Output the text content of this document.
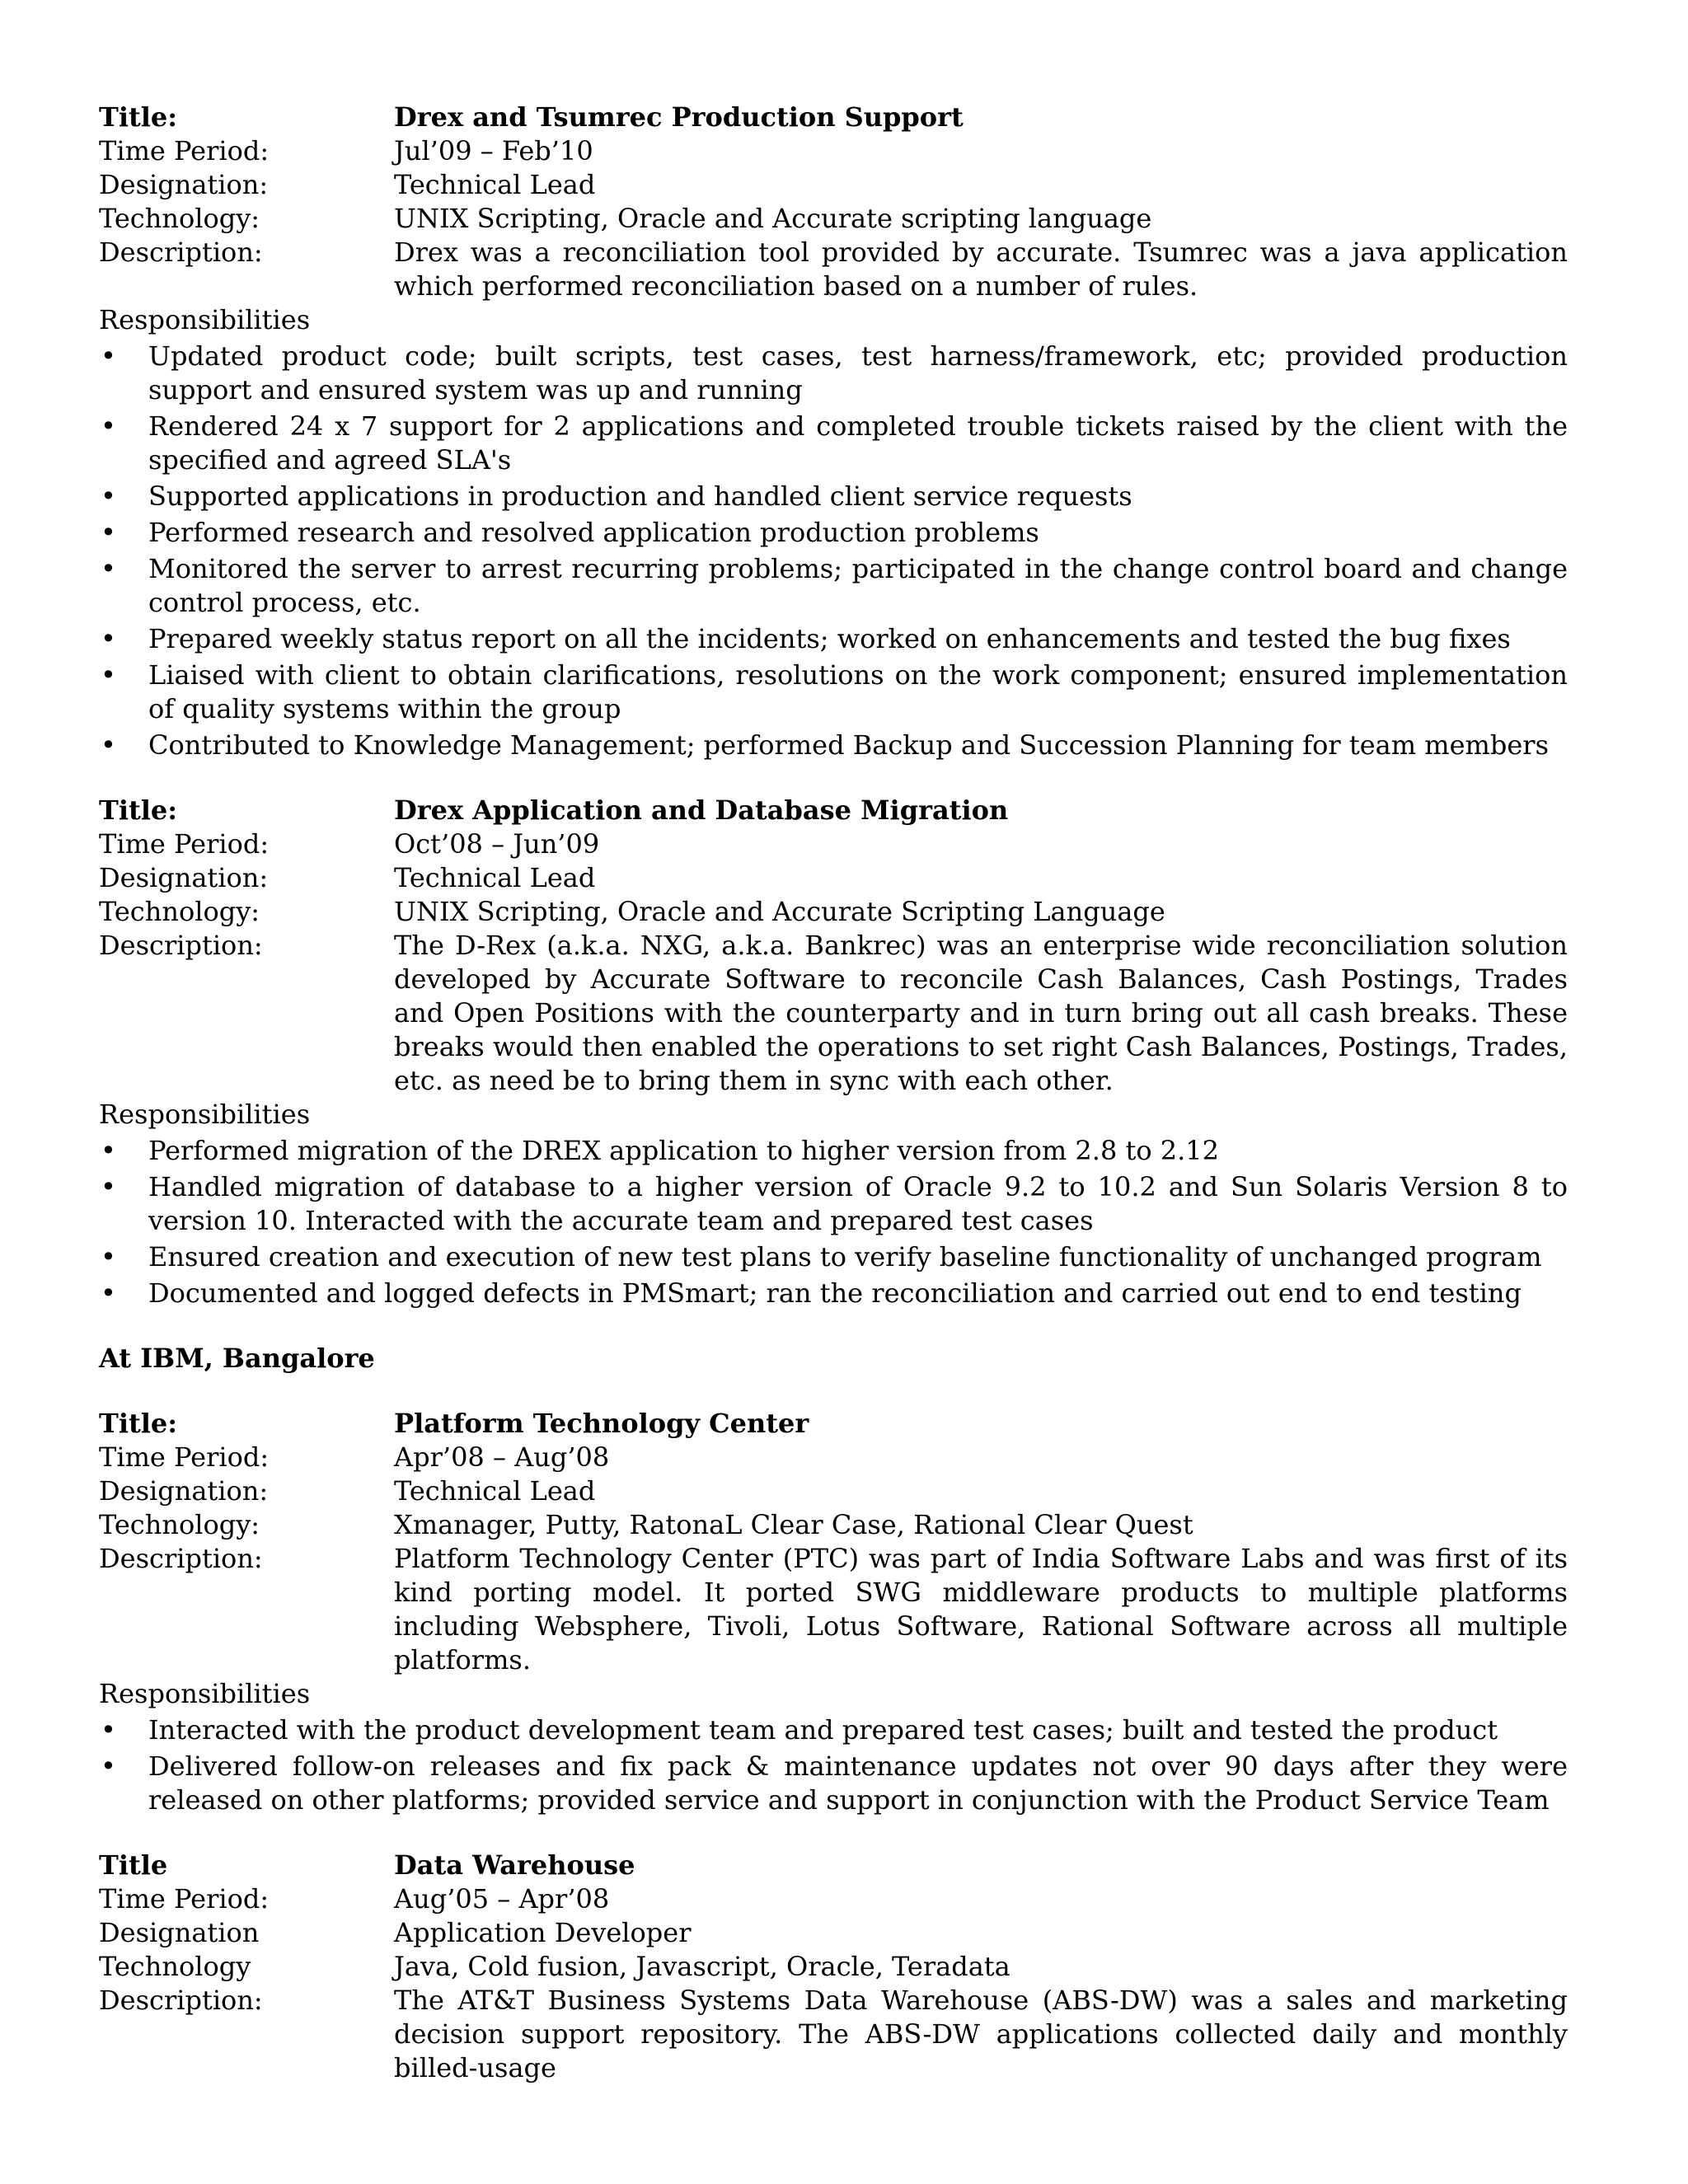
Title:	Drex and Tsumrec Production Support
Time Period:	Jul’09 – Feb’10
Designation:	Technical Lead
Technology:	UNIX Scripting, Oracle and Accurate scripting language
Description:	Drex was a reconciliation tool provided by accurate. Tsumrec was a java application which performed reconciliation based on a number of rules.
Responsibilities
• Updated product code; built scripts, test cases, test harness/framework, etc; provided production support and ensured system was up and running
• Rendered 24 x 7 support for 2 applications and completed trouble tickets raised by the client with the specified and agreed SLA's
• Supported applications in production and handled client service requests
• Performed research and resolved application production problems
• Monitored the server to arrest recurring problems; participated in the change control board and change control process, etc.
• Prepared weekly status report on all the incidents; worked on enhancements and tested the bug fixes
• Liaised with client to obtain clarifications, resolutions on the work component; ensured implementation of quality systems within the group
• Contributed to Knowledge Management; performed Backup and Succession Planning for team members
Title:	Drex Application and Database Migration
Time Period:	Oct’08 – Jun’09
Designation:	Technical Lead
Technology:	UNIX Scripting, Oracle and Accurate Scripting Language
Description:	The D-Rex (a.k.a. NXG, a.k.a. Bankrec) was an enterprise wide reconciliation solution developed by Accurate Software to reconcile Cash Balances, Cash Postings, Trades and Open Positions with the counterparty and in turn bring out all cash breaks. These breaks would then enabled the operations to set right Cash Balances, Postings, Trades, etc. as need be to bring them in sync with each other.
Responsibilities
• Performed migration of the DREX application to higher version from 2.8 to 2.12
• Handled migration of database to a higher version of Oracle 9.2 to 10.2 and Sun Solaris Version 8 to version 10. Interacted with the accurate team and prepared test cases
• Ensured creation and execution of new test plans to verify baseline functionality of unchanged program
• Documented and logged defects in PMSmart; ran the reconciliation and carried out end to end testing
At IBM, Bangalore
Title:	Platform Technology Center
Time Period:	Apr’08 – Aug’08
Designation:	Technical Lead
Technology:	Xmanager, Putty, RatonaL Clear Case, Rational Clear Quest
Description:	Platform Technology Center (PTC) was part of India Software Labs and was first of its kind porting model. It ported SWG middleware products to multiple platforms including Websphere, Tivoli, Lotus Software, Rational Software across all multiple platforms.
Responsibilities
• Interacted with the product development team and prepared test cases; built and tested the product
• Delivered follow-on releases and fix pack & maintenance updates not over 90 days after they were released on other platforms; provided service and support in conjunction with the Product Service Team
Title	Data Warehouse
Time Period:	Aug’05 – Apr’08
Designation	Application Developer
Technology	Java, Cold fusion, Javascript, Oracle, Teradata
Description:	The AT&T Business Systems Data Warehouse (ABS-DW) was a sales and marketing decision support repository. The ABS-DW applications collected daily and monthly billed-usage
